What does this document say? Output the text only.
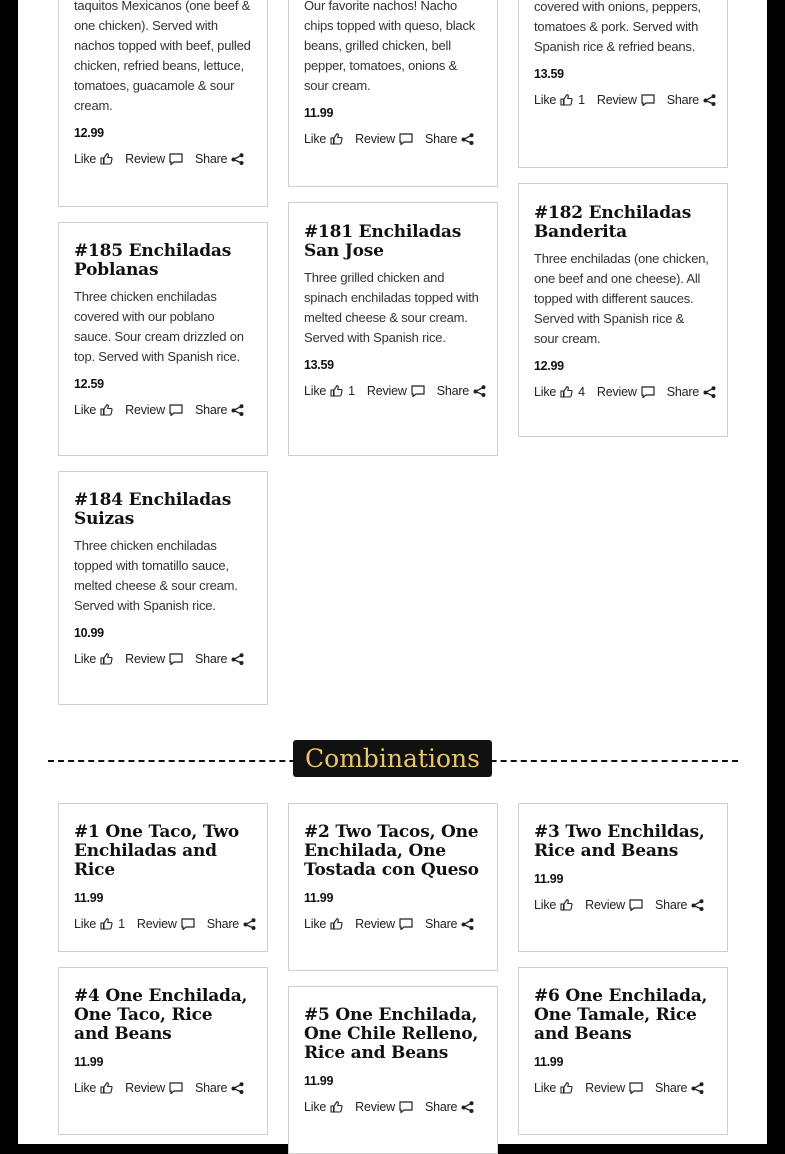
taquitos Mexicanos (one beef & one chicken). Served with nachos topped with beef, pulled chicken, refried beans, lettuce, tomatoes, guacamole & sour cream.
12.99
Like Review Share
Our favorite nachos! Nacho chips topped with queso, black beans, grilled chicken, bell pepper, tomatoes, onions & sour cream.
11.99
Like Review Share
covered with onions, peppers, tomatoes & pork. Served with Spanish rice & refried beans.
13.59
Like 1 Review Share
#185 Enchiladas Poblanas
Three chicken enchiladas covered with our poblano sauce. Sour cream drizzled on top. Served with Spanish rice.
12.59
Like Review Share
#181 Enchiladas San Jose
Three grilled chicken and spinach enchiladas topped with melted cheese & sour cream. Served with Spanish rice.
13.59
Like 1 Review Share
#182 Enchiladas Banderita
Three enchiladas (one chicken, one beef and one cheese). All topped with different sauces. Served with Spanish rice & sour cream.
12.99
Like 4 Review Share
#184 Enchiladas Suizas
Three chicken enchiladas topped with tomatillo sauce, melted cheese & sour cream. Served with Spanish rice.
10.99
Like Review Share
Combinations
#1 One Taco, Two Enchiladas and Rice
11.99
Like 1 Review Share
#2 Two Tacos, One Enchilada, One Tostada con Queso
11.99
Like Review Share
#3 Two Enchildas, Rice and Beans
11.99
Like Review Share
#4 One Enchilada, One Taco, Rice and Beans
11.99
Like Review Share
#5 One Enchilada, One Chile Relleno, Rice and Beans
11.99
Like Review Share
#6 One Enchilada, One Tamale, Rice and Beans
11.99
Like Review Share
